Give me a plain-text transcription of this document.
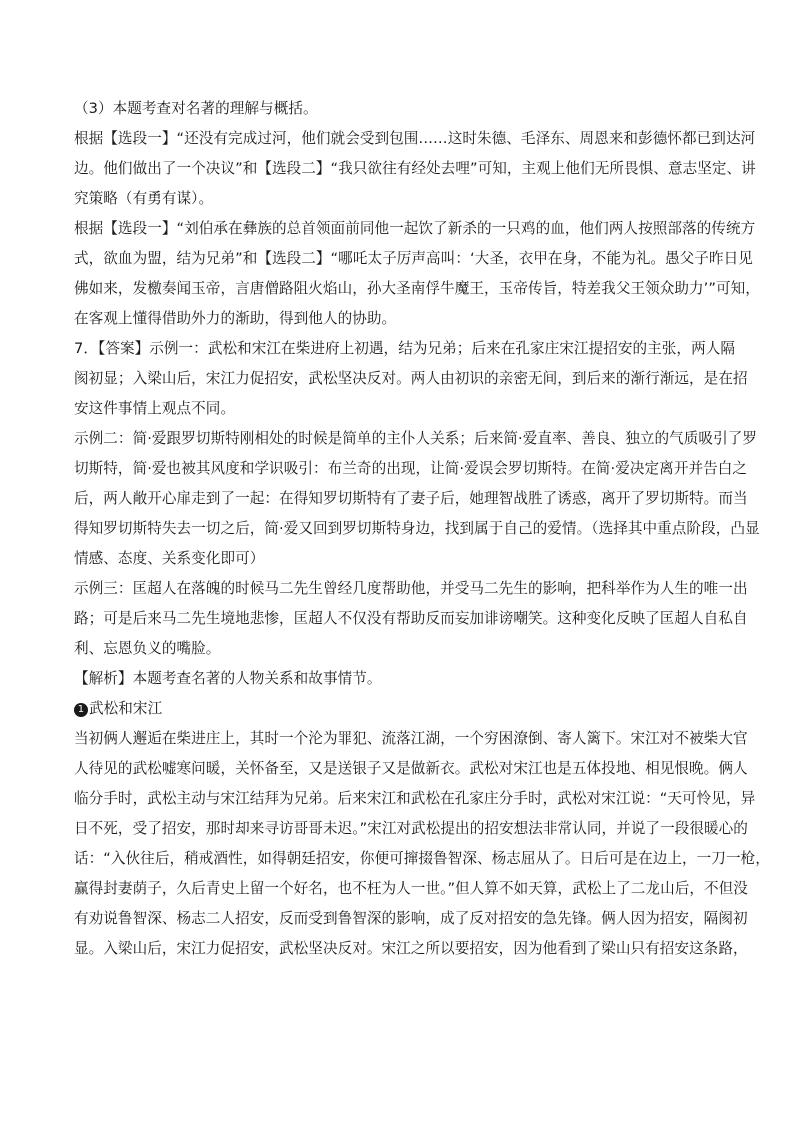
（3）本题考查对名著的理解与概括。

根据【选段一】“还没有完成过河，他们就会受到包围……这时朱德、毛泽东、周恩来和彭德怀都已到达河

边。他们做出了一个决议”和【选段二】“我只欲往有经处去哩”可知，主观上他们无所畏惧、意志坚定、讲

究策略（有勇有谋）。

根据【选段一】“刘伯承在彝族的总首领面前同他一起饮了新杀的一只鸡的血，他们两人按照部落的传统方

式，欲血为盟，结为兄弟”和【选段二】“哪吒太子厉声高叫：‘大圣，衣甲在身，不能为礼。愚父子昨日见

佛如来，发檄奏闻玉帝，言唐僧路阻火焰山，孙大圣南俘牛魔王，玉帝传旨，特差我父王领众助力’”可知，

在客观上懂得借助外力的渐助，得到他人的协助。

7．【答案】示例一：武松和宋江在柴进府上初遇，结为兄弟；后来在孔家庄宋江提招安的主张，两人隔

阂初显；入梁山后，宋江力促招安，武松坚决反对。两人由初识的亲密无间，到后来的渐行渐远，是在招

安这件事情上观点不同。

示例二：简·爱跟罗切斯特刚相处的时候是简单的主仆人关系；后来简·爱直率、善良、独立的气质吸引了罗

切斯特，简·爱也被其风度和学识吸引：布兰奇的出现，让简·爱误会罗切斯特。在简·爱决定离开并告白之

后，两人敞开心扉走到了一起：在得知罗切斯特有了妻子后，她理智战胜了诱惑，离开了罗切斯特。而当

得知罗切斯特失去一切之后，简·爱又回到罗切斯特身边，找到属于自己的爱情。（选择其中重点阶段，凸显

情感、态度、关系变化即可）

示例三：匡超人在落魄的时候马二先生曾经几度帮助他，并受马二先生的影响，把科举作为人生的唯一出

路；可是后来马二先生境地悲惨，匡超人不仅没有帮助反而妄加诽谤嘲笑。这种变化反映了匡超人自私自

利、忘恩负义的嘴脸。

【解析】本题考查名著的人物关系和故事情节。

1 武松和宋江

当初俩人邂逅在柴进庄上，其时一个沦为罪犯、流落江湖，一个穷困潦倒、寄人篱下。宋江对不被柴大官

人待见的武松嘘寒问暖，关怀备至，又是送银子又是做新衣。武松对宋江也是五体投地、相见恨晚。俩人

临分手时，武松主动与宋江结拜为兄弟。后来宋江和武松在孔家庄分手时，武松对宋江说：“天可怜见，异

日不死，受了招安，那时却来寻访哥哥未迟。”宋江对武松提出的招安想法非常认同，并说了一段很暖心的

话：“入伙往后，稍戒酒性，如得朝廷招安，你便可撺掇鲁智深、杨志屈从了。日后可是在边上，一刀一枪，

赢得封妻荫子，久后青史上留一个好名，也不枉为人一世。”但人算不如天算，武松上了二龙山后，不但没

有劝说鲁智深、杨志二人招安，反而受到鲁智深的影响，成了反对招安的急先锋。俩人因为招安，隔阂初

显。入梁山后，宋江力促招安，武松坚决反对。宋江之所以要招安，因为他看到了梁山只有招安这条路，
